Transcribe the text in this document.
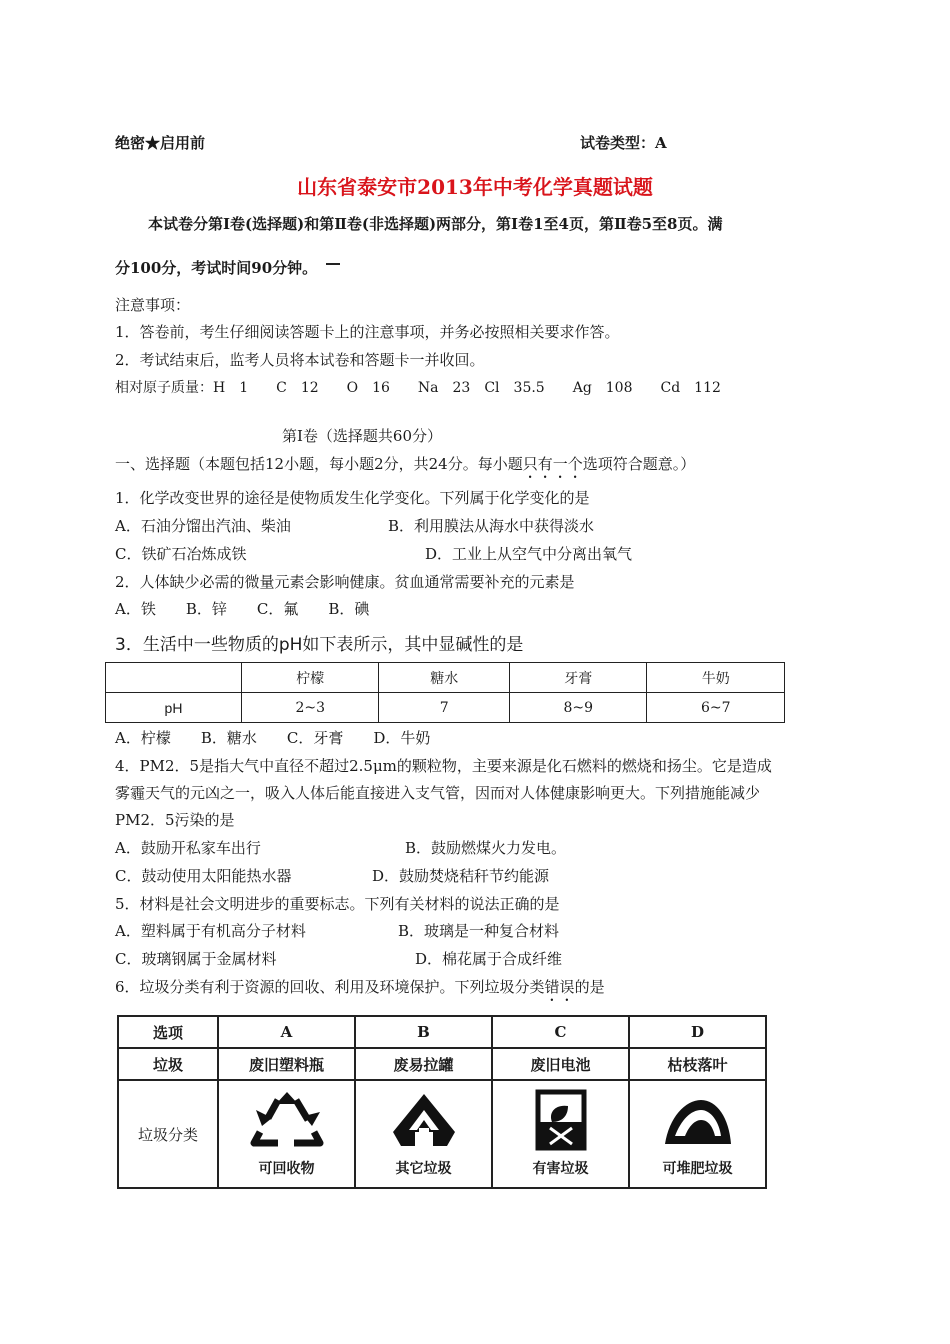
绝密★启用前	试卷类型：A
山东省泰安市2013年中考化学真题试题
本试卷分第Ⅰ卷(选择题)和第Ⅱ卷(非选择题)两部分，第Ⅰ卷1至4页，第Ⅱ卷5至8页。满
分100分，考试时间90分钟。
注意事项：
1．答卷前，考生仔细阅读答题卡上的注意事项，并务必按照相关要求作答。
2．考试结束后，监考人员将本试卷和答题卡一并收回。
相对原子质量：H　1　　C　12　　O　16　　Na　23　Cl　35.5　　Ag　108　　Cd　112
第Ⅰ卷（选择题共60分）
一、选择题（本题包括12小题，每小题2分，共24分。每小题只有一个选项符合题意。）
1．化学改变世界的途径是使物质发生化学变化。下列属于化学变化的是
A．石油分馏出汽油、柴油	B．利用膜法从海水中获得淡水
C．铁矿石冶炼成铁	D．工业上从空气中分离出氧气
2．人体缺少必需的微量元素会影响健康。贫血通常需要补充的元素是
A．铁　　B．锌　　C．氟　　B．碘
3．生活中一些物质的pH如下表所示，其中显碱性的是
	柠檬	糖水	牙膏	牛奶
pH	2~3	7	8~9	6~7
A．柠檬　　B．糖水　　C．牙膏　　D．牛奶
4．PM2．5是指大气中直径不超过2.5μm的颗粒物，主要来源是化石燃料的燃烧和扬尘。它是造成
雾霾天气的元凶之一，吸入人体后能直接进入支气管，因而对人体健康影响更大。下列措施能减少
PM2．5污染的是
A．鼓励开私家车出行	B．鼓励燃煤火力发电。
C．鼓动使用太阳能热水器	D．鼓励焚烧秸秆节约能源
5．材料是社会文明进步的重要标志。下列有关材料的说法正确的是
A．塑料属于有机高分子材料	B．玻璃是一种复合材料
C．玻璃钢属于金属材料	D．棉花属于合成纤维
6．垃圾分类有利于资源的回收、利用及环境保护。下列垃圾分类错误的是
选项	A	B	C	D
垃圾	废旧塑料瓶	废易拉罐	废旧电池	枯枝落叶
垃圾分类	可回收物	其它垃圾	有害垃圾	可堆肥垃圾
